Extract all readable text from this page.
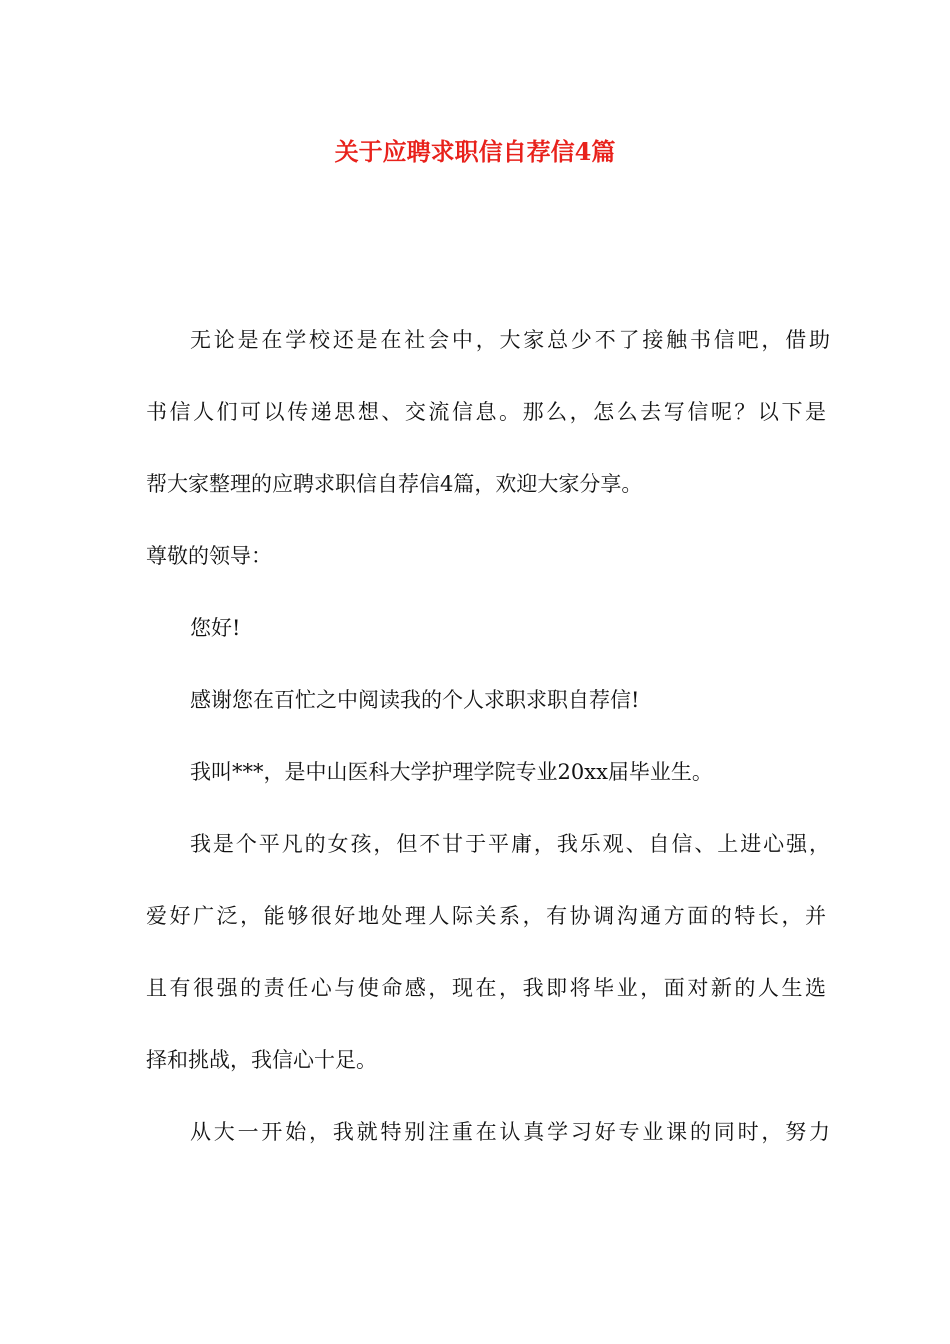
关于应聘求职信自荐信4篇

无论是在学校还是在社会中，大家总少不了接触书信吧，借助

书信人们可以传递思想、交流信息。那么，怎么去写信呢？以下是

帮大家整理的应聘求职信自荐信4篇，欢迎大家分享。

尊敬的领导：

您好!

感谢您在百忙之中阅读我的个人求职求职自荐信!

我叫***，是中山医科大学护理学院专业20xx届毕业生。

我是个平凡的女孩，但不甘于平庸，我乐观、自信、上进心强，

爱好广泛，能够很好地处理人际关系，有协调沟通方面的特长，并

且有很强的责任心与使命感，现在，我即将毕业，面对新的人生选

择和挑战，我信心十足。

从大一开始，我就特别注重在认真学习好专业课的同时，努力
